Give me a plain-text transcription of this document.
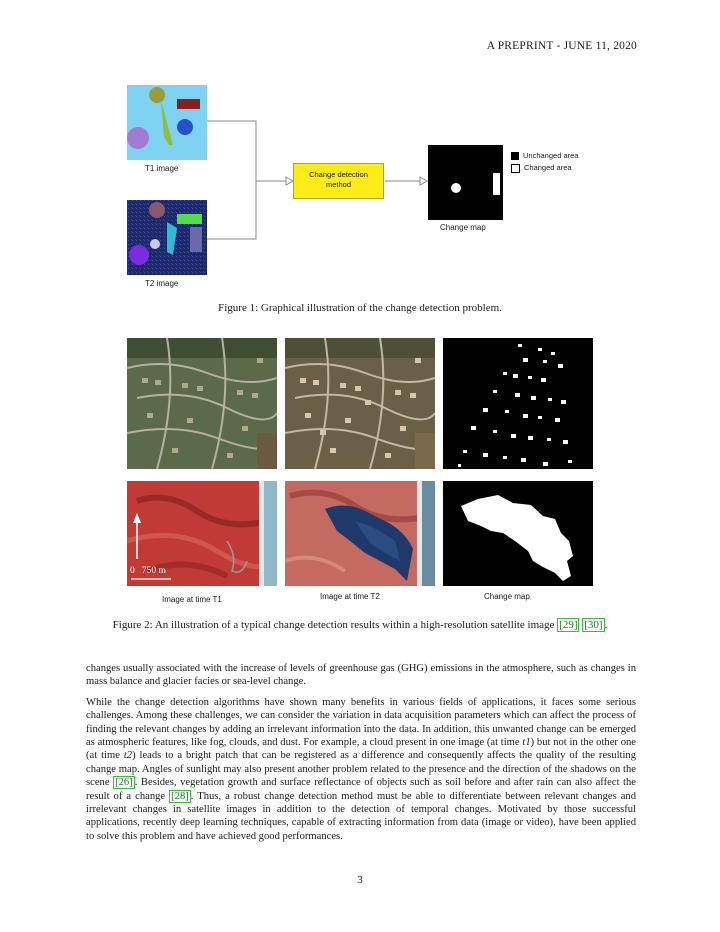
A PREPRINT - JUNE 11, 2020
T1 image
T2 image
Change detection
method
Change map
Unchanged area
Changed area
Figure 1: Graphical illustration of the change detection problem.
0   750 m
Image at time T1	Image at time T2	Change map
Figure 2: An illustration of a typical change detection results within a high-resolution satellite image [29] [30] .

changes usually associated with the increase of levels of greenhouse gas (GHG) emissions in the atmosphere, such as changes in mass balance and glacier facies or sea-level change.

While the change detection algorithms have shown many benefits in various fields of applications, it faces some serious challenges. Among these challenges, we can consider the variation in data acquisition parameters which can affect the process of finding the relevant changes by adding an irrelevant information into the data. In addition, this unwanted change can be emerged as atmospheric features, like fog, clouds, and dust. For example, a cloud present in one image (at time t1) but not in the other one (at time t2) leads to a bright patch that can be registered as a difference and consequently affects the quality of the resulting change map. Angles of sunlight may also present another problem related to the presence and the direction of the shadows on the scene [26] . Besides, vegetation growth and surface reflectance of objects such as soil before and after rain can also affect the result of a change [28] . Thus, a robust change detection method must be able to differentiate between relevant changes and irrelevant changes in satellite images in addition to the detection of temporal changes. Motivated by those successful applications, recently deep learning techniques, capable of extracting information from data (image or video), have been applied to solve this problem and have achieved good performances.

3
